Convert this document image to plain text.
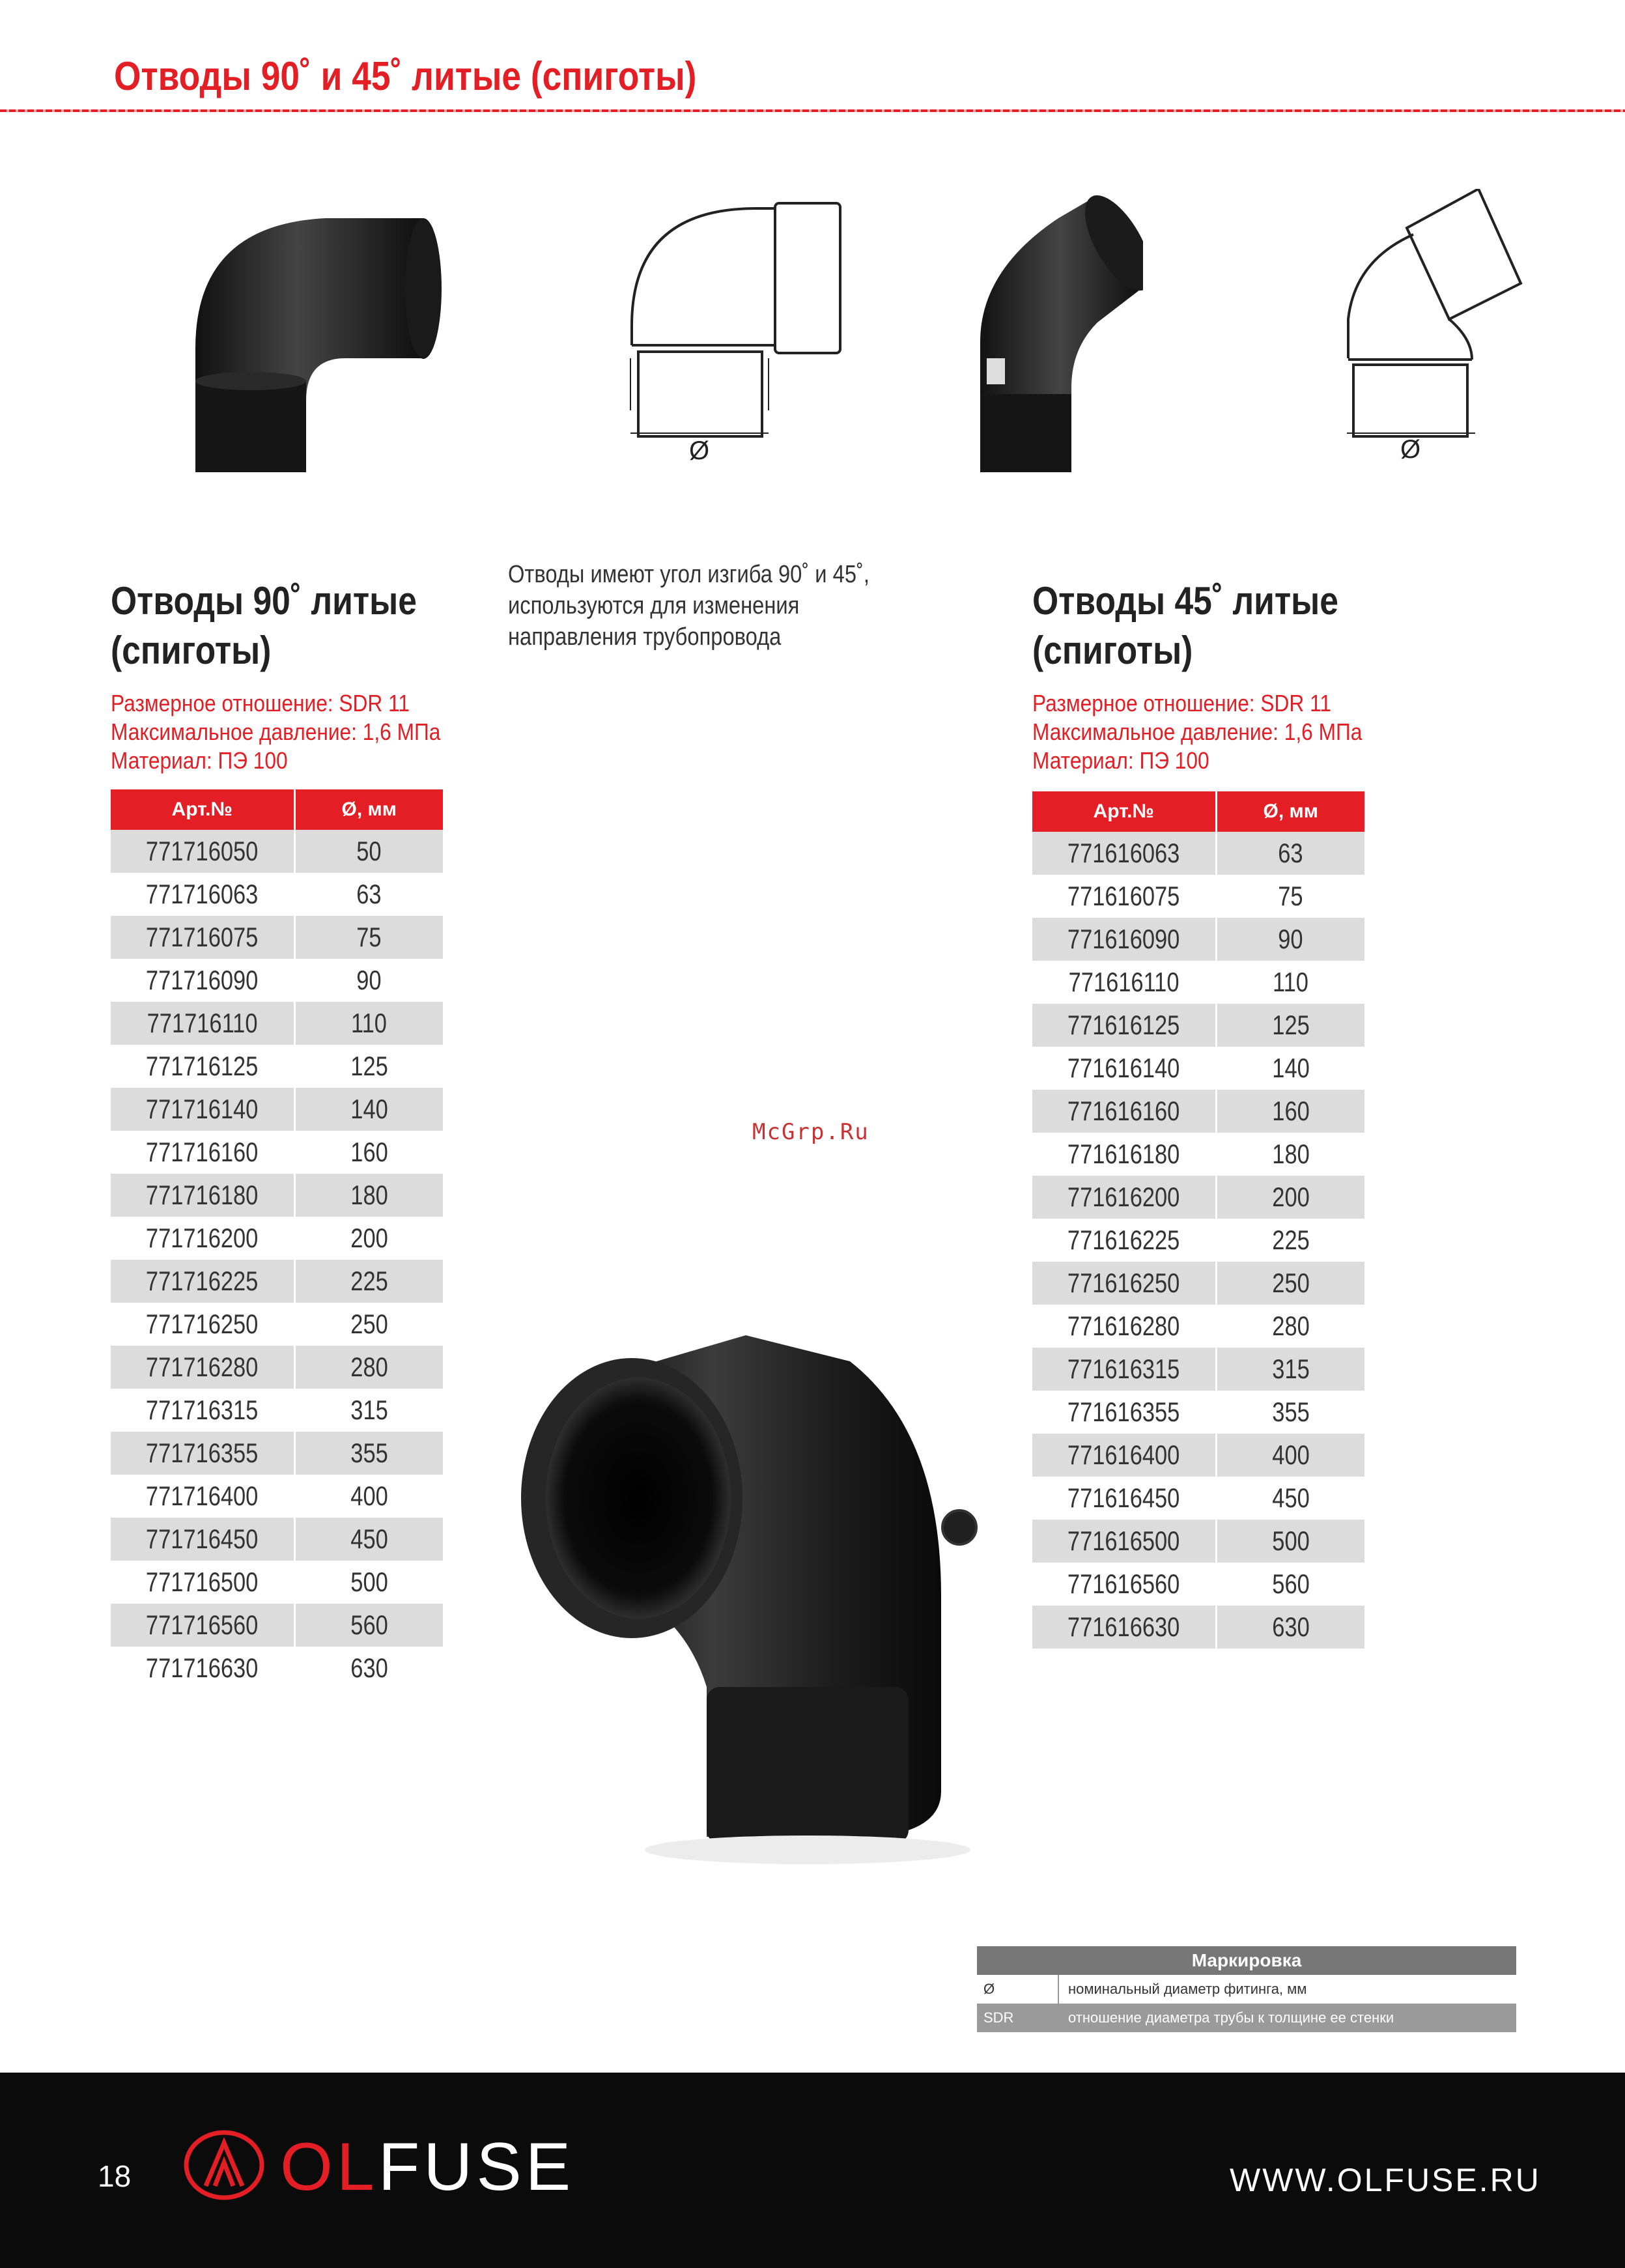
Отводы 90˚ и 45˚ литые (спиготы)
Ø	Ø
Отводы имеют угол изгиба 90˚ и 45˚,
используются для изменения
направления трубопровода
Отводы 90˚ литые
(спиготы)
Размерное отношение: SDR 11
Максимальное давление: 1,6 МПа
Материал: ПЭ 100
Арт.№	Ø, мм
771716050	50
771716063	63
771716075	75
771716090	90
771716110	110
771716125	125
771716140	140
771716160	160
771716180	180
771716200	200
771716225	225
771716250	250
771716280	280
771716315	315
771716355	355
771716400	400
771716450	450
771716500	500
771716560	560
771716630	630
Отводы 45˚ литые
(спиготы)
Размерное отношение: SDR 11
Максимальное давление: 1,6 МПа
Материал: ПЭ 100
Арт.№	Ø, мм
771616063	63
771616075	75
771616090	90
771616110	110
771616125	125
771616140	140
771616160	160
771616180	180
771616200	200
771616225	225
771616250	250
771616280	280
771616315	315
771616355	355
771616400	400
771616450	450
771616500	500
771616560	560
771616630	630
McGrp.Ru
Маркировка
Ø	номинальный диаметр фитинга, мм
SDR	отношение диаметра трубы к толщине ее стенки
18 OLFUSE	WWW.OLFUSE.RU
